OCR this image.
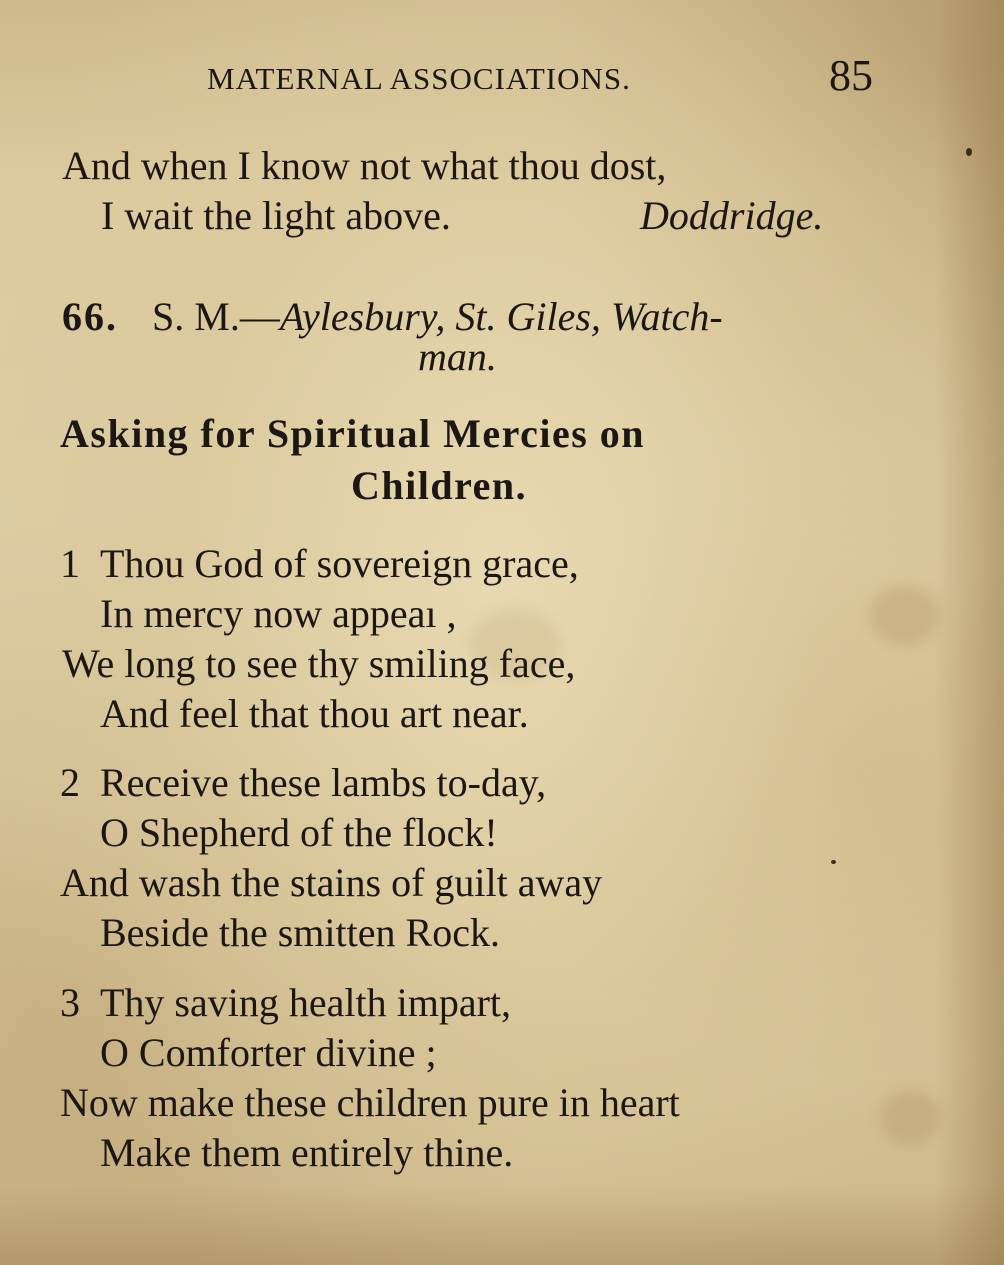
MATERNAL ASSOCIATIONS.	85
And when I know not what thou dost,
I wait the light above.	Doddridge.
66. S. M.—Aylesbury, St. Giles, Watch-
man.
Asking for Spiritual Mercies on
Children.
1 Thou God of sovereign grace,
In mercy now appeaı ,
We long to see thy smiling face,
And feel that thou art near.
2 Receive these lambs to-day,
O Shepherd of the flock!
And wash the stains of guilt away
Beside the smitten Rock.
3 Thy saving health impart,
O Comforter divine ;
Now make these children pure in heart
Make them entirely thine.
